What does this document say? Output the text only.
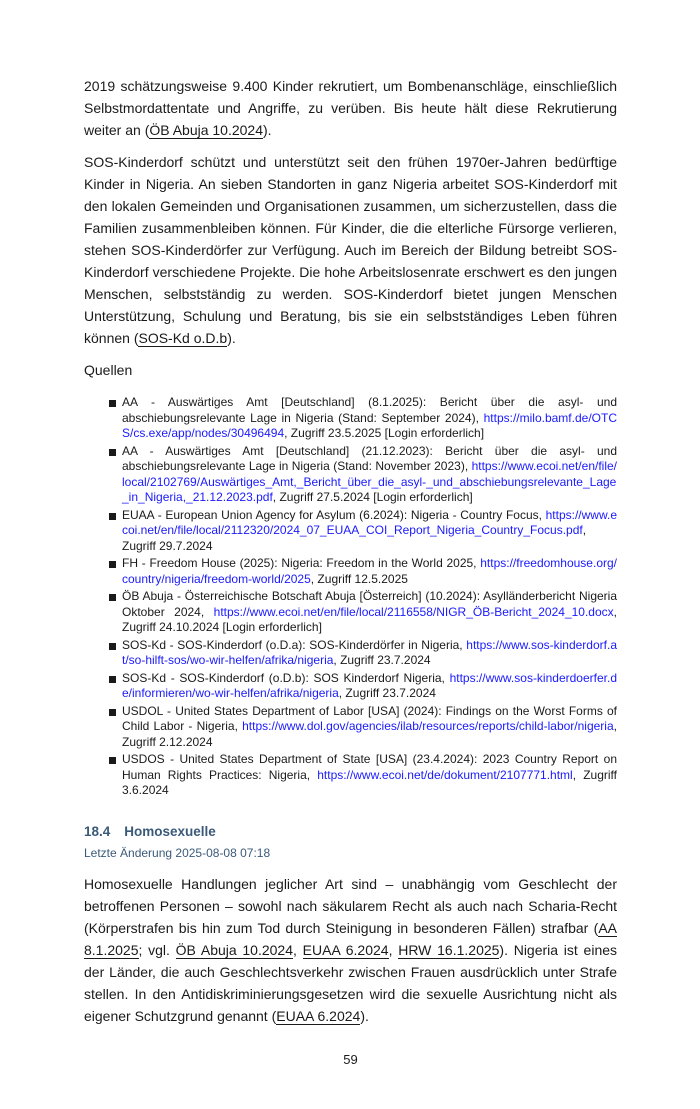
2019 schätzungsweise 9.400 Kinder rekrutiert, um Bombenanschläge, einschließlich Selbstmordattentate und Angriffe, zu verüben. Bis heute hält diese Rekrutierung weiter an (ÖB Abuja 10.2024).

SOS-Kinderdorf schützt und unterstützt seit den frühen 1970er-Jahren bedürftige Kinder in Nigeria. An sieben Standorten in ganz Nigeria arbeitet SOS-Kinderdorf mit den lokalen Gemeinden und Organisationen zusammen, um sicherzustellen, dass die Familien zusammenbleiben können. Für Kinder, die die elterliche Fürsorge verlieren, stehen SOS-Kinderdörfer zur Verfügung. Auch im Bereich der Bildung betreibt SOS-Kinderdorf verschiedene Projekte. Die hohe Arbeitslosenrate erschwert es den jungen Menschen, selbstständig zu werden. SOS-Kinderdorf bietet jungen Menschen Unterstützung, Schulung und Beratung, bis sie ein selbstständiges Leben führen können (SOS-Kd o.D.b).

Quellen

AA - Auswärtiges Amt [Deutschland] (8.1.2025): Bericht über die asyl- und abschiebungsrelevante Lage in Nigeria (Stand: September 2024), https://milo.bamf.de/OTCS/cs.exe/app/nodes/30496494, Zugriff 23.5.2025 [Login erforderlich]
AA - Auswärtiges Amt [Deutschland] (21.12.2023): Bericht über die asyl- und abschiebungsrelevante Lage in Nigeria (Stand: November 2023), https://www.ecoi.net/en/file/local/2102769/Auswärtiges_Amt,_Bericht_über_die_asyl-_und_abschiebungsrelevante_Lage_in_Nigeria,_21.12.2023.pdf, Zugriff 27.5.2024 [Login erforderlich]
EUAA - European Union Agency for Asylum (6.2024): Nigeria - Country Focus, https://www.ecoi.net/en/file/local/2112320/2024_07_EUAA_COI_Report_Nigeria_Country_Focus.pdf, Zugriff 29.7.2024
FH - Freedom House (2025): Nigeria: Freedom in the World 2025, https://freedomhouse.org/country/nigeria/freedom-world/2025, Zugriff 12.5.2025
ÖB Abuja - Österreichische Botschaft Abuja [Österreich] (10.2024): Asylländerbericht Nigeria Oktober 2024, https://www.ecoi.net/en/file/local/2116558/NIGR_ÖB-Bericht_2024_10.docx, Zugriff 24.10.2024 [Login erforderlich]
SOS-Kd - SOS-Kinderdorf (o.D.a): SOS-Kinderdörfer in Nigeria, https://www.sos-kinderdorf.at/so-hilft-sos/wo-wir-helfen/afrika/nigeria, Zugriff 23.7.2024
SOS-Kd - SOS-Kinderdorf (o.D.b): SOS Kinderdorf Nigeria, https://www.sos-kinderdoerfer.de/informieren/wo-wir-helfen/afrika/nigeria, Zugriff 23.7.2024
USDOL - United States Department of Labor [USA] (2024): Findings on the Worst Forms of Child Labor - Nigeria, https://www.dol.gov/agencies/ilab/resources/reports/child-labor/nigeria, Zugriff 2.12.2024
USDOS - United States Department of State [USA] (23.4.2024): 2023 Country Report on Human Rights Practices: Nigeria, https://www.ecoi.net/de/dokument/2107771.html, Zugriff 3.6.2024
18.4 Homosexuelle
Letzte Änderung 2025-08-08 07:18

Homosexuelle Handlungen jeglicher Art sind – unabhängig vom Geschlecht der betroffenen Personen – sowohl nach säkularem Recht als auch nach Scharia-Recht (Körperstrafen bis hin zum Tod durch Steinigung in besonderen Fällen) strafbar (AA 8.1.2025; vgl. ÖB Abuja 10.2024, EUAA 6.2024, HRW 16.1.2025). Nigeria ist eines der Länder, die auch Geschlechtsverkehr zwischen Frauen ausdrücklich unter Strafe stellen. In den Antidiskriminierungsgesetzen wird die sexuelle Ausrichtung nicht als eigener Schutzgrund genannt (EUAA 6.2024).

59
